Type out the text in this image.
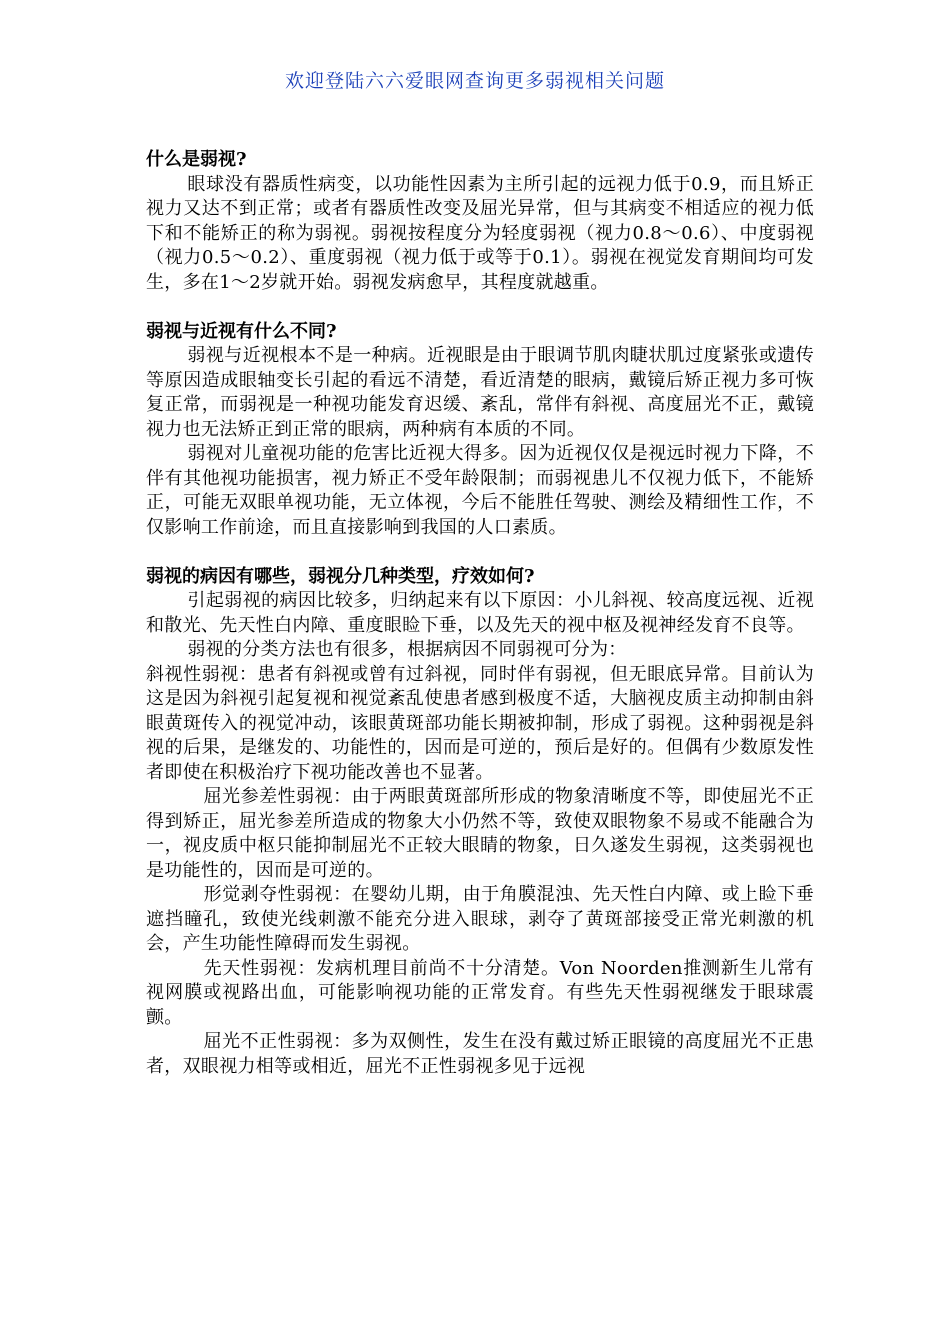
欢迎登陆六六爱眼网查询更多弱视相关问题

什么是弱视?

眼球没有器质性病变，以功能性因素为主所引起的远视力低于0.9，而且矫正视力又达不到正常；或者有器质性改变及屈光异常，但与其病变不相适应的视力低下和不能矫正的称为弱视。弱视按程度分为轻度弱视（视力0.8～0.6）、中度弱视（视力0.5～0.2）、重度弱视（视力低于或等于0.1）。弱视在视觉发育期间均可发生，多在1～2岁就开始。弱视发病愈早，其程度就越重。

弱视与近视有什么不同?

弱视与近视根本不是一种病。近视眼是由于眼调节肌肉睫状肌过度紧张或遗传等原因造成眼轴变长引起的看远不清楚，看近清楚的眼病，戴镜后矫正视力多可恢复正常，而弱视是一种视功能发育迟缓、紊乱，常伴有斜视、高度屈光不正，戴镜视力也无法矫正到正常的眼病，两种病有本质的不同。

弱视对儿童视功能的危害比近视大得多。因为近视仅仅是视远时视力下降，不伴有其他视功能损害，视力矫正不受年龄限制；而弱视患儿不仅视力低下，不能矫正，可能无双眼单视功能，无立体视，今后不能胜任驾驶、测绘及精细性工作，不仅影响工作前途，而且直接影响到我国的人口素质。

弱视的病因有哪些，弱视分几种类型，疗效如何?

引起弱视的病因比较多，归纳起来有以下原因：小儿斜视、较高度远视、近视和散光、先天性白内障、重度眼睑下垂，以及先天的视中枢及视神经发育不良等。

弱视的分类方法也有很多，根据病因不同弱视可分为：

斜视性弱视：患者有斜视或曾有过斜视，同时伴有弱视，但无眼底异常。目前认为这是因为斜视引起复视和视觉紊乱使患者感到极度不适，大脑视皮质主动抑制由斜眼黄斑传入的视觉冲动，该眼黄斑部功能长期被抑制，形成了弱视。这种弱视是斜视的后果，是继发的、功能性的，因而是可逆的，预后是好的。但偶有少数原发性者即使在积极治疗下视功能改善也不显著。

屈光参差性弱视：由于两眼黄斑部所形成的物象清晰度不等，即使屈光不正得到矫正，屈光参差所造成的物象大小仍然不等，致使双眼物象不易或不能融合为一，视皮质中枢只能抑制屈光不正较大眼睛的物象，日久遂发生弱视，这类弱视也是功能性的，因而是可逆的。

形觉剥夺性弱视：在婴幼儿期，由于角膜混浊、先天性白内障、或上睑下垂遮挡瞳孔，致使光线刺激不能充分进入眼球，剥夺了黄斑部接受正常光刺激的机会，产生功能性障碍而发生弱视。

先天性弱视：发病机理目前尚不十分清楚。Von Noorden推测新生儿常有视网膜或视路出血，可能影响视功能的正常发育。有些先天性弱视继发于眼球震颤。

屈光不正性弱视：多为双侧性，发生在没有戴过矫正眼镜的高度屈光不正患者，双眼视力相等或相近，屈光不正性弱视多见于远视
